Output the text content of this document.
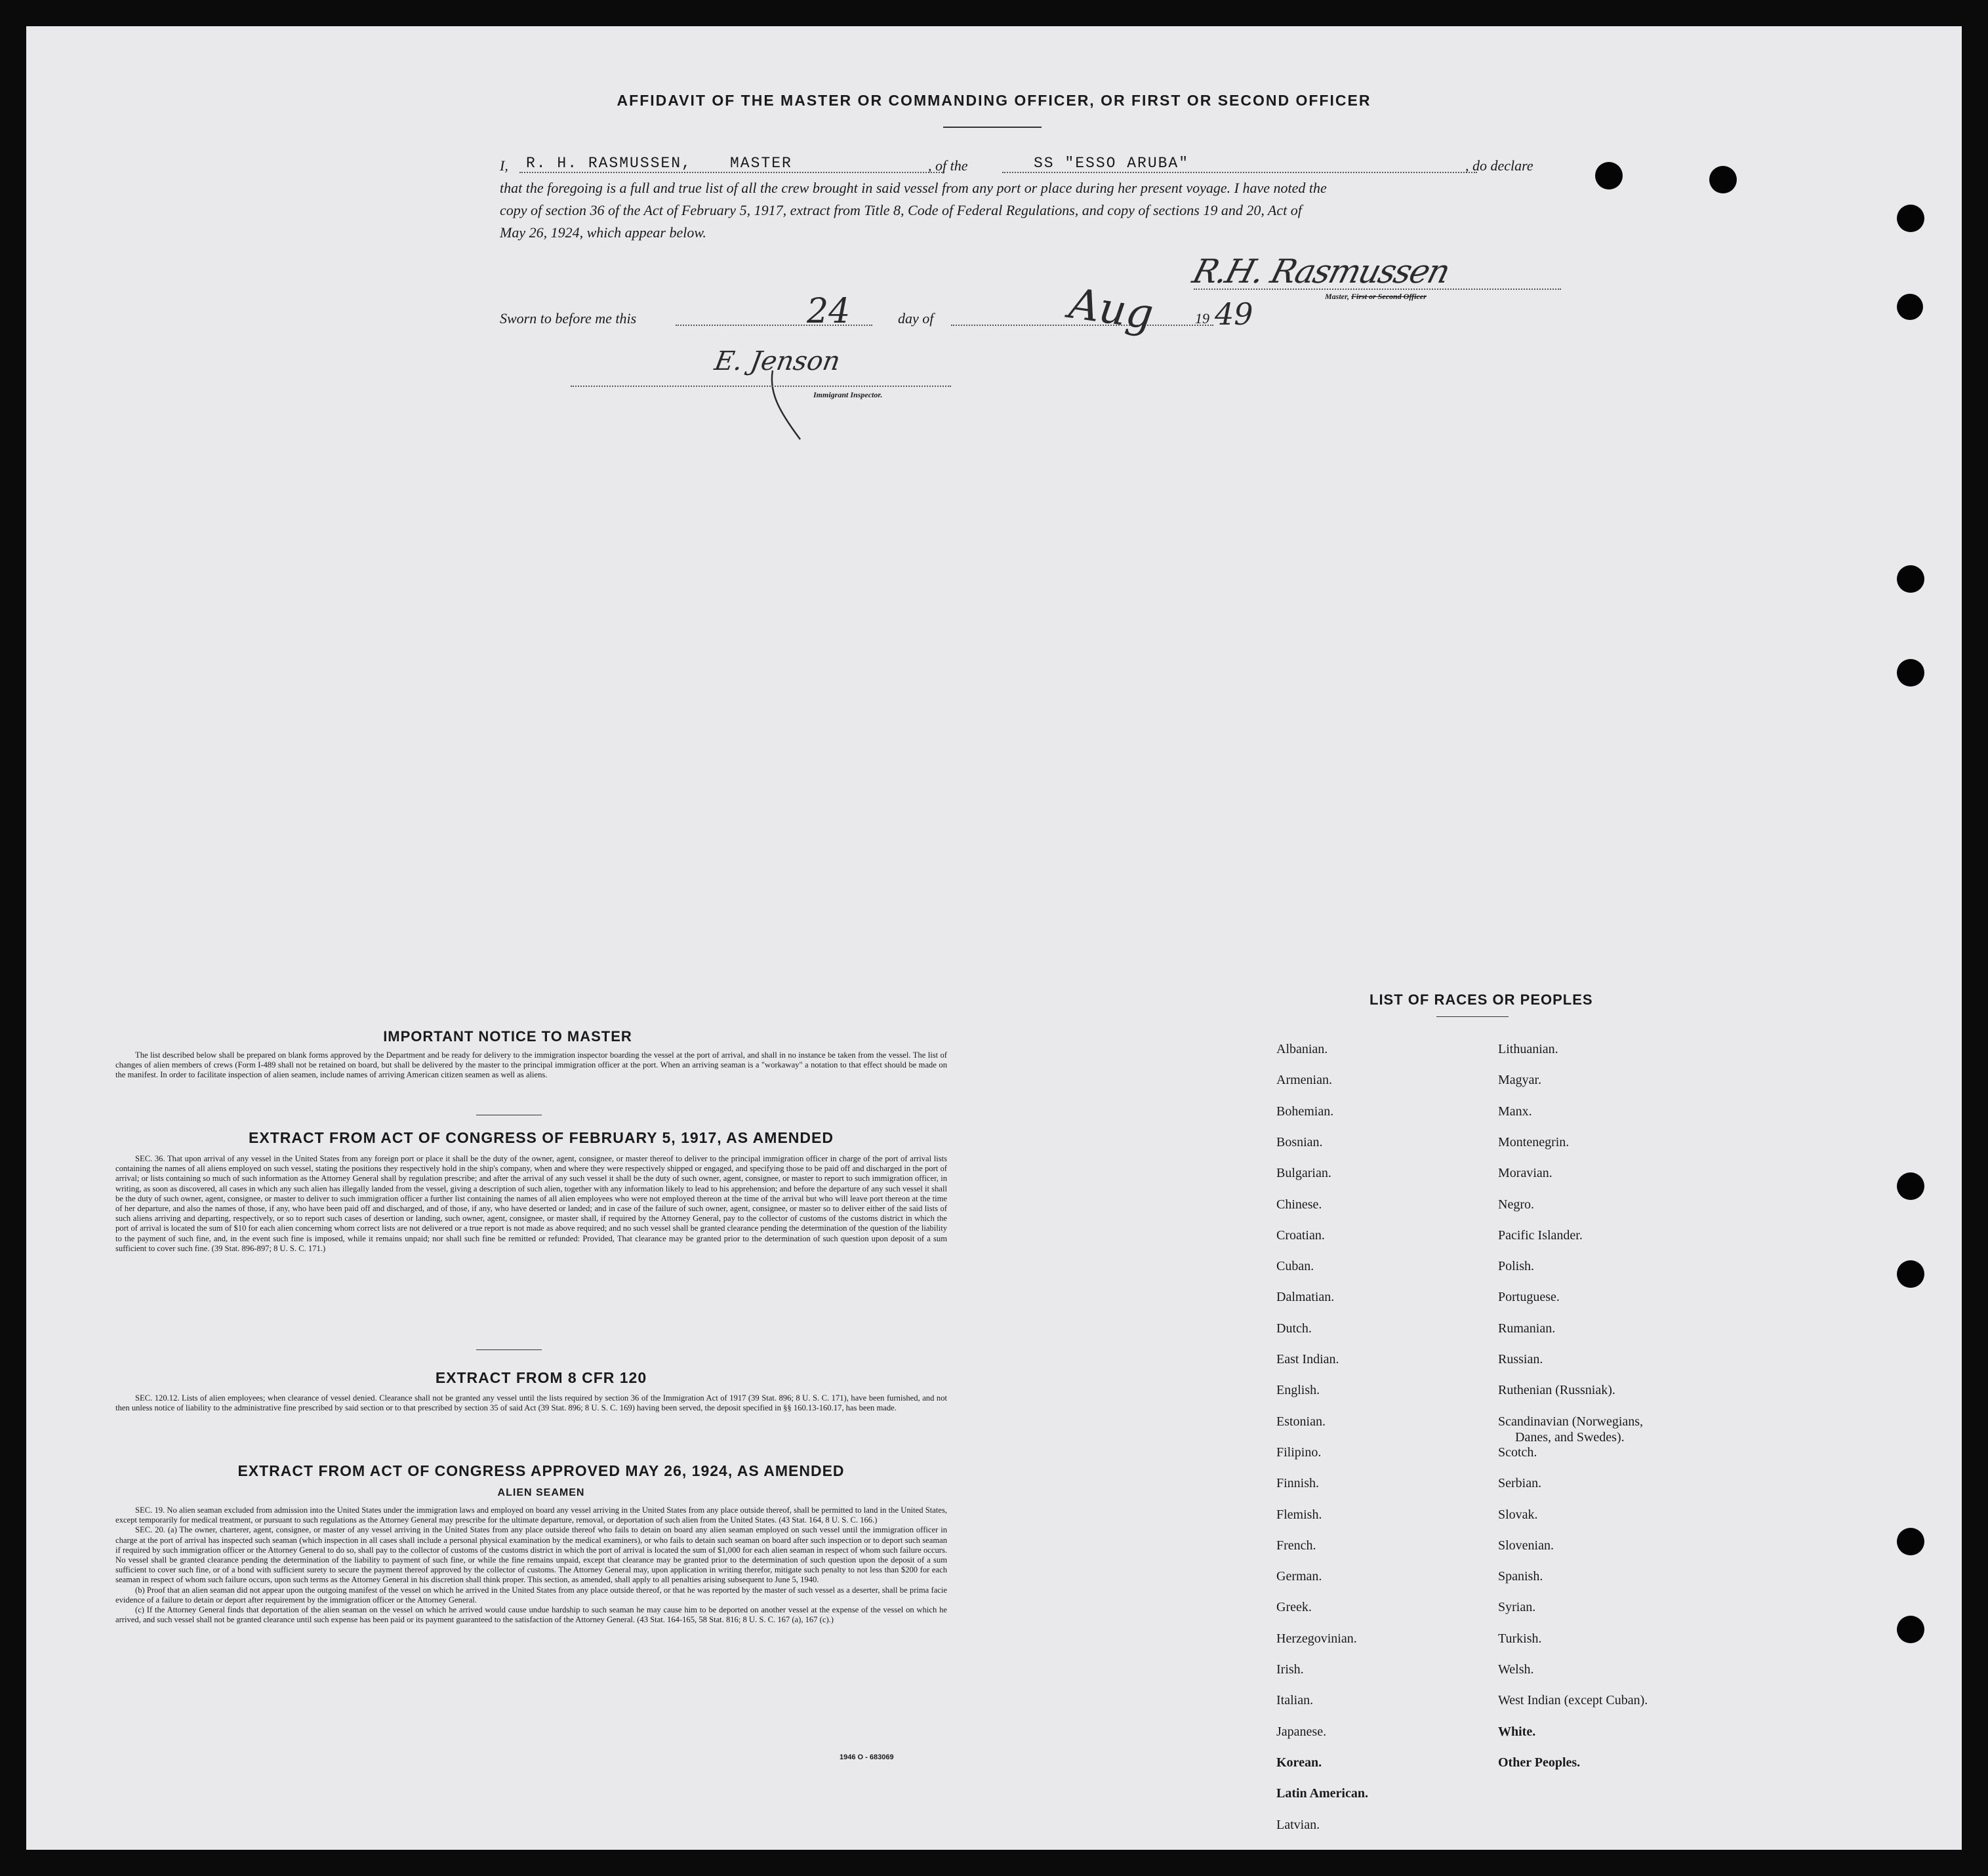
AFFIDAVIT OF THE MASTER OR COMMANDING OFFICER, OR FIRST OR SECOND OFFICER
I, R. H. RASMUSSEN,	MASTER	, of the	SS "ESSO ARUBA"	, do declare
that the foregoing is a full and true list of all the crew brought in said vessel from any port or place during her present voyage. I have noted the
copy of section 36 of the Act of February 5, 1917, extract from Title 8, Code of Federal Regulations, and copy of sections 19 and 20, Act of
May 26, 1924, which appear below.
R.H. Rasmussen
Master, First or Second Officer
Sworn to before me this	24	day of	Aug	19 49
E. Jenson
Immigrant Inspector.
IMPORTANT NOTICE TO MASTER

The list described below shall be prepared on blank forms approved by the Department and be ready for delivery to the immigration inspector boarding the vessel at the port of arrival, and shall in no instance be taken from the vessel. The list of changes of alien members of crews (Form I-489 shall not be retained on board, but shall be delivered by the master to the principal immigration officer at the port. When an arriving seaman is a "workaway" a notation to that effect should be made on the manifest. In order to facilitate inspection of alien seamen, include names of arriving American citizen seamen as well as aliens.

EXTRACT FROM ACT OF CONGRESS OF FEBRUARY 5, 1917, AS AMENDED

SEC. 36. That upon arrival of any vessel in the United States from any foreign port or place it shall be the duty of the owner, agent, consignee, or master thereof to deliver to the principal immigration officer in charge of the port of arrival lists containing the names of all aliens employed on such vessel, stating the positions they respectively hold in the ship's company, when and where they were respectively shipped or engaged, and specifying those to be paid off and discharged in the port of arrival; or lists containing so much of such information as the Attorney General shall by regulation prescribe; and after the arrival of any such vessel it shall be the duty of such owner, agent, consignee, or master to report to such immigration officer, in writing, as soon as discovered, all cases in which any such alien has illegally landed from the vessel, giving a description of such alien, together with any information likely to lead to his apprehension; and before the departure of any such vessel it shall be the duty of such owner, agent, consignee, or master to deliver to such immigration officer a further list containing the names of all alien employees who were not employed thereon at the time of the arrival but who will leave port thereon at the time of her departure, and also the names of those, if any, who have been paid off and discharged, and of those, if any, who have deserted or landed; and in case of the failure of such owner, agent, consignee, or master so to deliver either of the said lists of such aliens arriving and departing, respectively, or so to report such cases of desertion or landing, such owner, agent, consignee, or master shall, if required by the Attorney General, pay to the collector of customs of the customs district in which the port of arrival is located the sum of $10 for each alien concerning whom correct lists are not delivered or a true report is not made as above required; and no such vessel shall be granted clearance pending the determination of the question of the liability to the payment of such fine, and, in the event such fine is imposed, while it remains unpaid; nor shall such fine be remitted or refunded: Provided, That clearance may be granted prior to the determination of such question upon deposit of a sum sufficient to cover such fine. (39 Stat. 896-897; 8 U. S. C. 171.)

EXTRACT FROM 8 CFR 120

SEC. 120.12. Lists of alien employees; when clearance of vessel denied. Clearance shall not be granted any vessel until the lists required by section 36 of the Immigration Act of 1917 (39 Stat. 896; 8 U. S. C. 171), have been furnished, and not then unless notice of liability to the administrative fine prescribed by said section or to that prescribed by section 35 of said Act (39 Stat. 896; 8 U. S. C. 169) having been served, the deposit specified in §§ 160.13-160.17, has been made.

EXTRACT FROM ACT OF CONGRESS APPROVED MAY 26, 1924, AS AMENDED
ALIEN SEAMEN

SEC. 19. No alien seaman excluded from admission into the United States under the immigration laws and employed on board any vessel arriving in the United States from any place outside thereof, shall be permitted to land in the United States, except temporarily for medical treatment, or pursuant to such regulations as the Attorney General may prescribe for the ultimate departure, removal, or deportation of such alien from the United States. (43 Stat. 164, 8 U. S. C. 166.)

SEC. 20. (a) The owner, charterer, agent, consignee, or master of any vessel arriving in the United States from any place outside thereof who fails to detain on board any alien seaman employed on such vessel until the immigration officer in charge at the port of arrival has inspected such seaman (which inspection in all cases shall include a personal physical examination by the medical examiners), or who fails to detain such seaman on board after such inspection or to deport such seaman if required by such immigration officer or the Attorney General to do so, shall pay to the collector of customs of the customs district in which the port of arrival is located the sum of $1,000 for each alien seaman in respect of whom such failure occurs. No vessel shall be granted clearance pending the determination of the liability to payment of such fine, or while the fine remains unpaid, except that clearance may be granted prior to the determination of such question upon the deposit of a sum sufficient to cover such fine, or of a bond with sufficient surety to secure the payment thereof approved by the collector of customs. The Attorney General may, upon application in writing therefor, mitigate such penalty to not less than $200 for each seaman in respect of whom such failure occurs, upon such terms as the Attorney General in his discretion shall think proper. This section, as amended, shall apply to all penalties arising subsequent to June 5, 1940.

(b) Proof that an alien seaman did not appear upon the outgoing manifest of the vessel on which he arrived in the United States from any place outside thereof, or that he was reported by the master of such vessel as a deserter, shall be prima facie evidence of a failure to detain or deport after requirement by the immigration officer or the Attorney General.

(c) If the Attorney General finds that deportation of the alien seaman on the vessel on which he arrived would cause undue hardship to such seaman he may cause him to be deported on another vessel at the expense of the vessel on which he arrived, and such vessel shall not be granted clearance until such expense has been paid or its payment guaranteed to the satisfaction of the Attorney General. (43 Stat. 164-165, 58 Stat. 816; 8 U. S. C. 167 (a), 167 (c).)

1946 O - 683069
LIST OF RACES OR PEOPLES
Albanian.
Armenian.
Bohemian.
Bosnian.
Bulgarian.
Chinese.
Croatian.
Cuban.
Dalmatian.
Dutch.
East Indian.
English.
Estonian.
Filipino.
Finnish.
Flemish.
French.
German.
Greek.
Herzegovinian.
Irish.
Italian.
Japanese.
Korean.
Latin American.
Latvian.
Lithuanian.
Magyar.
Manx.
Montenegrin.
Moravian.
Negro.
Pacific Islander.
Polish.
Portuguese.
Rumanian.
Russian.
Ruthenian (Russniak).
Scandinavian (Norwegians,
Danes, and Swedes).
Scotch.
Serbian.
Slovak.
Slovenian.
Spanish.
Syrian.
Turkish.
Welsh.
West Indian (except Cuban).
White.
Other Peoples.
